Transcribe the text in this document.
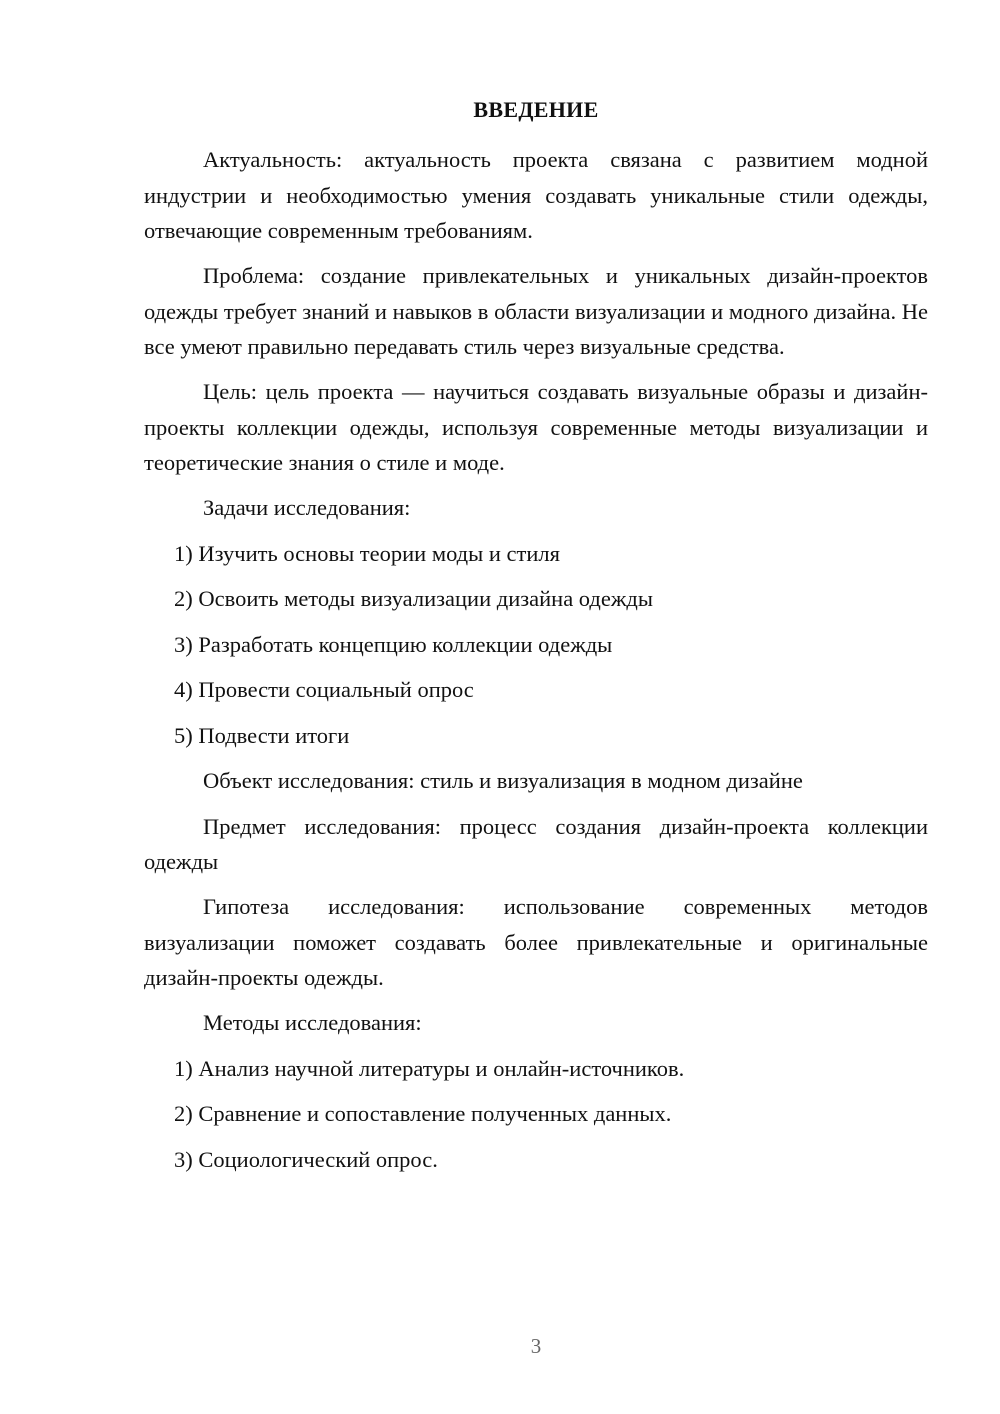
ВВЕДЕНИЕ

Актуальность: актуальность проекта связана с развитием модной индустрии и необходимостью умения создавать уникальные стили одежды, отвечающие современным требованиям.

Проблема: создание привлекательных и уникальных дизайн-проектов одежды требует знаний и навыков в области визуализации и модного дизайна. Не все умеют правильно передавать стиль через визуальные средства.

Цель: цель проекта — научиться создавать визуальные образы и дизайн-проекты коллекции одежды, используя современные методы визуализации и теоретические знания о стиле и моде.

Задачи исследования:

1) Изучить основы теории моды и стиля
2) Освоить методы визуализации дизайна одежды
3) Разработать концепцию коллекции одежды
4) Провести социальный опрос
5) Подвести итоги

Объект исследования: стиль и визуализация в модном дизайне

Предмет исследования: процесс создания дизайн-проекта коллекции одежды

Гипотеза исследования: использование современных методов визуализации поможет создавать более привлекательные и оригинальные дизайн-проекты одежды.

Методы исследования:

1) Анализ научной литературы и онлайн-источников.
2) Сравнение и сопоставление полученных данных.
3) Социологический опрос.
3
